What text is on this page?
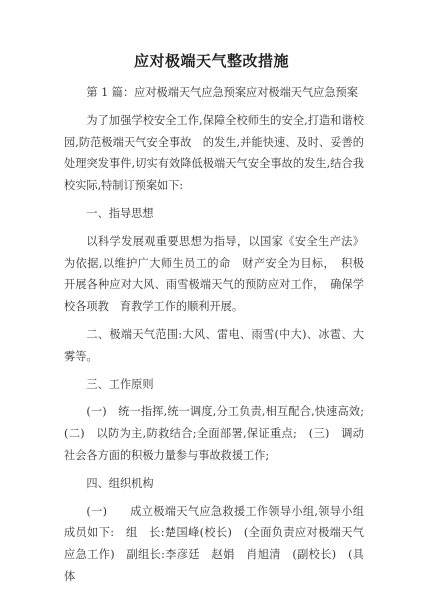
应对极端天气整改措施

第 1 篇：应对极端天气应急预案应对极端天气应急预案

为了加强学校安全工作,保障全校师生的安全,打造和谐校园,防范极端天气安全事故　的发生,并能快速、及时、妥善的处理突发事件,切实有效降低极端天气安全事故的发生,结合我校实际,特制订预案如下:

一、指导思想

以科学发展观重要思想为指导，以国家《安全生产法》为依据,以维护广大师生员工的命　财产安全为目标，　积极开展各种应对大风、雨雪极端天气的预防应对工作，　确保学校各项教　育教学工作的顺利开展。

二、极端天气范围:大风、雷电、雨雪(中大)、冰雹、大雾等。

三、工作原则

(一)　统一指挥,统一调度,分工负责,相互配合,快速高效;　(二)　以防为主,防救结合;全面部署,保证重点;　(三)　调动社会各方面的积极力量参与事故救援工作;

四、组织机构

(一)　　成立极端天气应急救援工作领导小组,领导小组成员如下:　组　长:楚国峰(校长)　(全面负责应对极端天气应急工作)　副组长:李彦廷　赵娟　肖旭清　(副校长)　(具体
